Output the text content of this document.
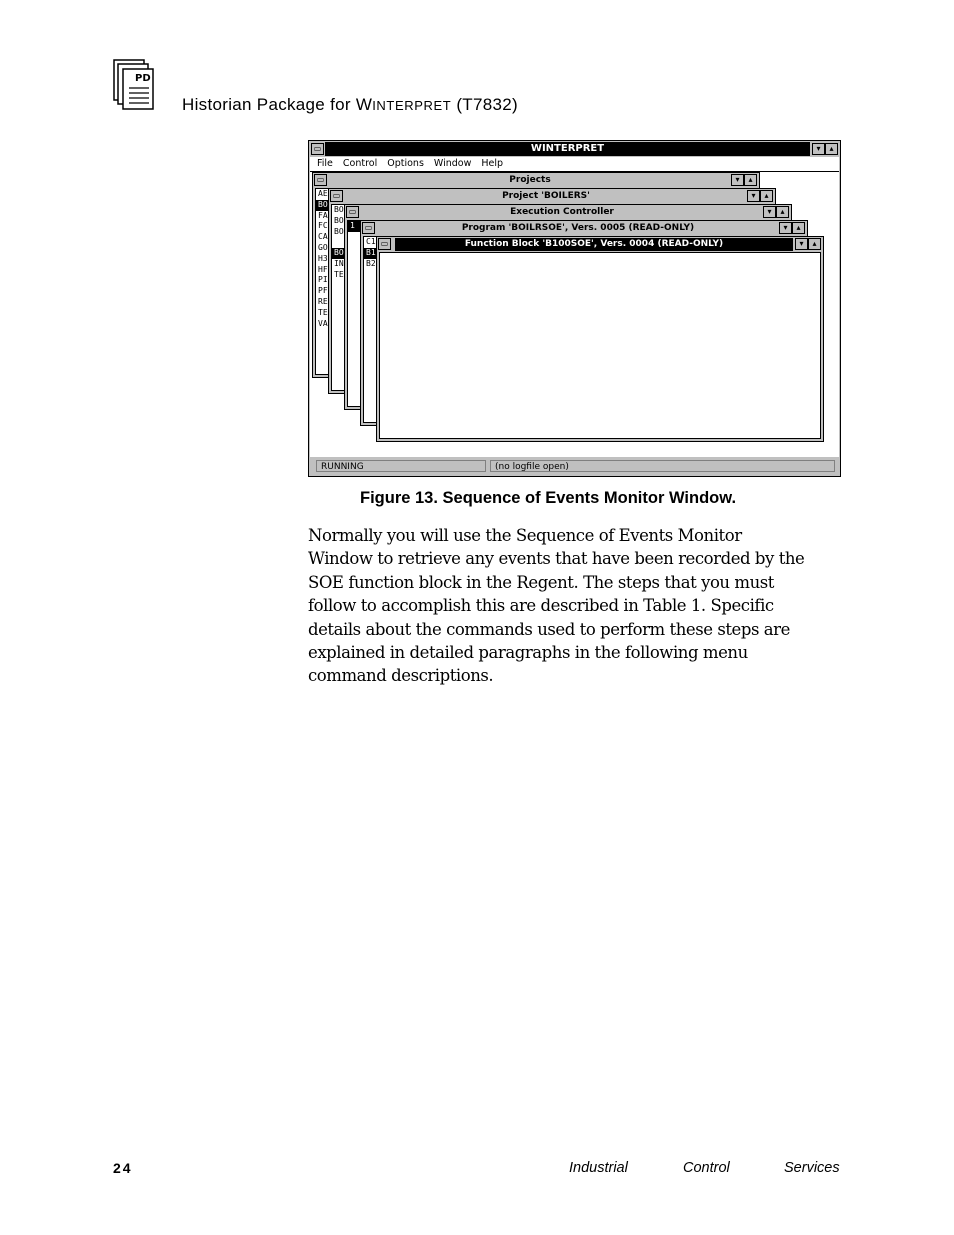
PD
Historian Package for WINTERPRET (T7832)
▭	WINTERPRET	▾	▴
File Control Options Window Help
▭	Projects	▾	▴
AE
BO
FA
FC
CA
GO
H3
HF
PI
PF
RE
TE
VA
▭	Project 'BOILERS'	▾	▴
BO
BO
BO

BO
IN
TE
▭	Execution Controller	▾	▴
1	▭	Program 'BOILRSOE', Vers. 0005 (READ-ONLY)	▾	▴
C1
B1
B2
▭	Function Block 'B100SOE', Vers. 0004 (READ-ONLY)	▾	▴
RUNNING	(no logfile open)
Figure 13. Sequence of Events Monitor Window.
Normally you will use the Sequence of Events Monitor
Window to retrieve any events that have been recorded by the
SOE function block in the Regent. The steps that you must
follow to accomplish this are described in Table 1. Specific
details about the commands used to perform these steps are
explained in detailed paragraphs in the following menu
command descriptions.
24	Industrial	Control	Services
